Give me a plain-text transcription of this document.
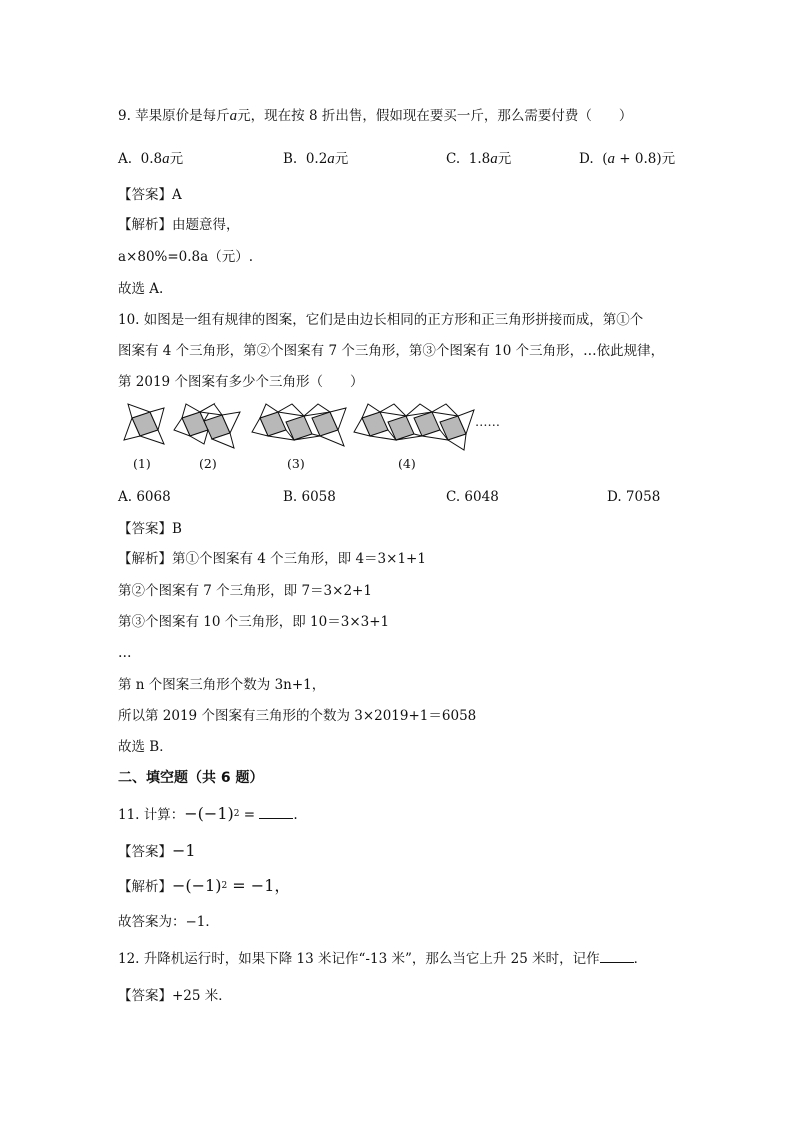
9. 苹果原价是每斤a元，现在按 8 折出售，假如现在要买一斤，那么需要付费（　　）
A. 0.8a元	B. 0.2a元	C. 1.8a元	D. (a + 0.8)元
【答案】A
【解析】由题意得，
a×80%=0.8a（元）.
故选 A.
10. 如图是一组有规律的图案，它们是由边长相同的正方形和正三角形拼接而成，第①个
图案有 4 个三角形，第②个图案有 7 个三角形，第③个图案有 10 个三角形，…依此规律，
第 2019 个图案有多少个三角形（　　）
……
(1)	(2)	(3)	(4)
A. 6068	B. 6058	C. 6048	D. 7058
【答案】B
【解析】第①个图案有 4 个三角形，即 4＝3×1+1
第②个图案有 7 个三角形，即 7＝3×2+1
第③个图案有 10 个三角形，即 10＝3×3+1
…
第 n 个图案三角形个数为 3n+1，
所以第 2019 个图案有三角形的个数为 3×2019+1＝6058
故选 B．
二、填空题（共 6 题）
11. 计算：$-(-1)^2$ =	.
【答案】−1
【解析】$-(-1)^2 = -1$，
故答案为：−1．
12. 升降机运行时，如果下降 13 米记作“-13 米”，那么当它上升 25 米时，记作	．
【答案】+25 米．
